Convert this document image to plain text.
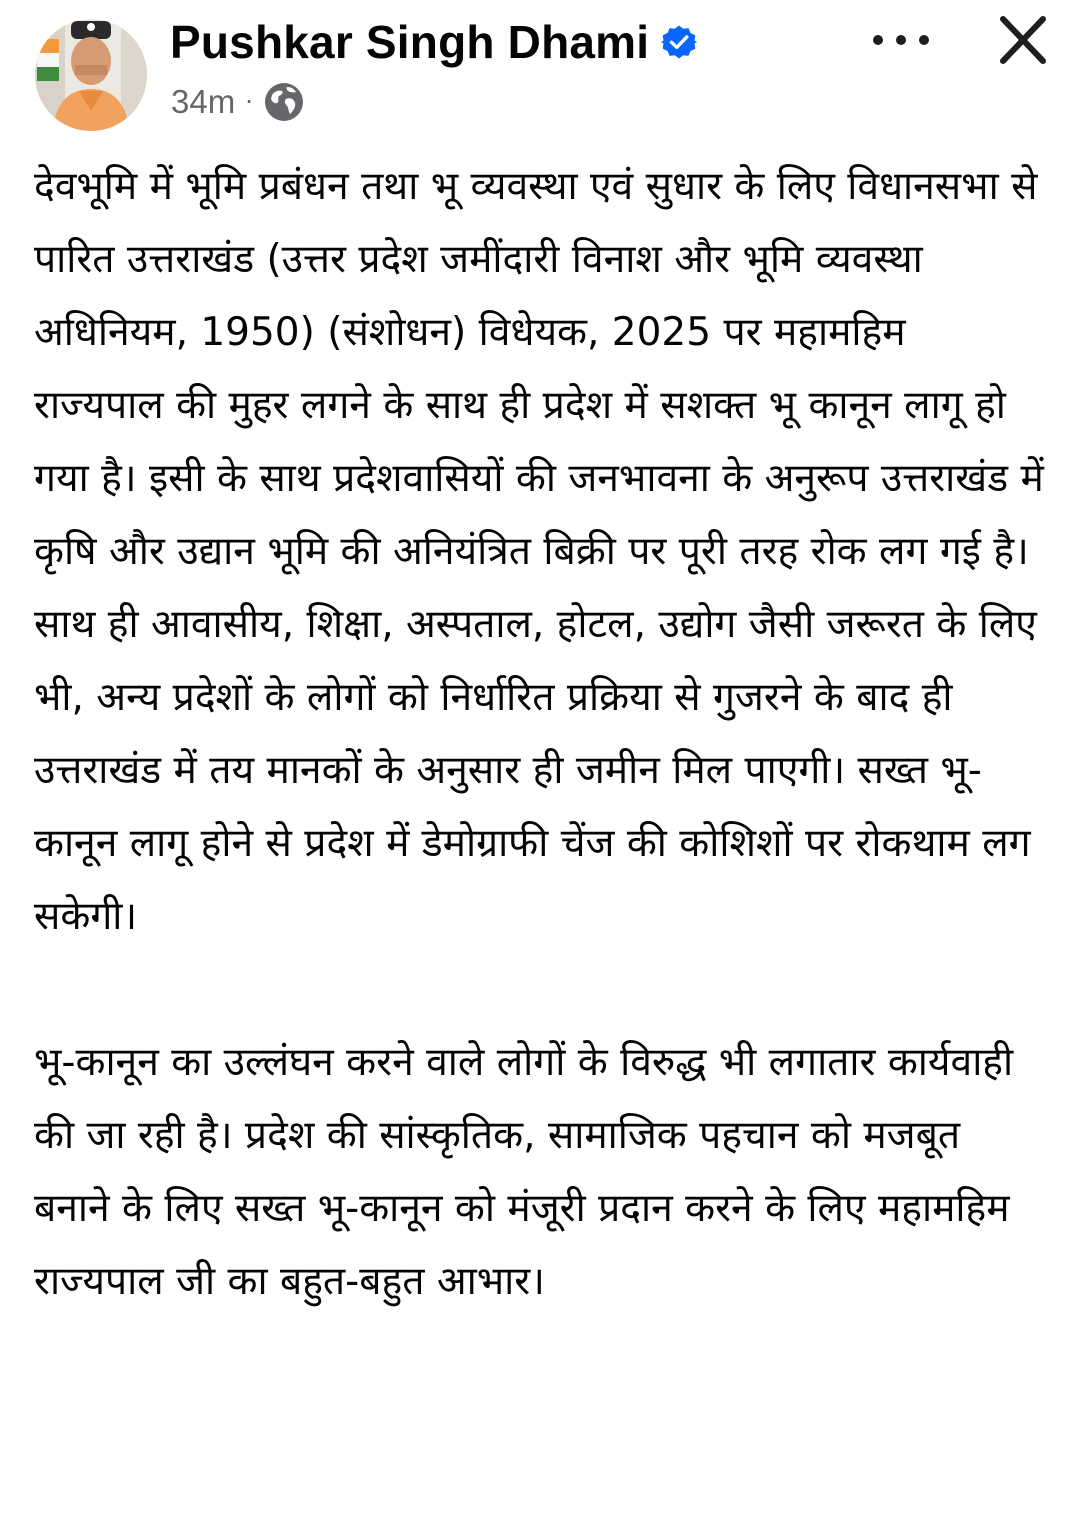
Pushkar Singh Dhami
34m ·

देवभूमि में भूमि प्रबंधन तथा भू व्यवस्था एवं सुधार के लिए विधानसभा से पारित उत्तराखंड (उत्तर प्रदेश जमींदारी विनाश और भूमि व्यवस्था अधिनियम, 1950) (संशोधन) विधेयक, 2025 पर महामहिम राज्यपाल की मुहर लगने के साथ ही प्रदेश में सशक्त भू कानून लागू हो गया है। इसी के साथ प्रदेशवासियों की जनभावना के अनुरूप उत्तराखंड में कृषि और उद्यान भूमि की अनियंत्रित बिक्री पर पूरी तरह रोक लग गई है। साथ ही आवासीय, शिक्षा, अस्पताल, होटल, उद्योग जैसी जरूरत के लिए भी, अन्य प्रदेशों के लोगों को निर्धारित प्रक्रिया से गुजरने के बाद ही उत्तराखंड में तय मानकों के अनुसार ही जमीन मिल पाएगी। सख्त भू-कानून लागू होने से प्रदेश में डेमोग्राफी चेंज की कोशिशों पर रोकथाम लग सकेगी।

भू-कानून का उल्लंघन करने वाले लोगों के विरुद्ध भी लगातार कार्यवाही की जा रही है। प्रदेश की सांस्कृतिक, सामाजिक पहचान को मजबूत बनाने के लिए सख्त भू-कानून को मंजूरी प्रदान करने के लिए महामहिम राज्यपाल जी का बहुत-बहुत आभार।
